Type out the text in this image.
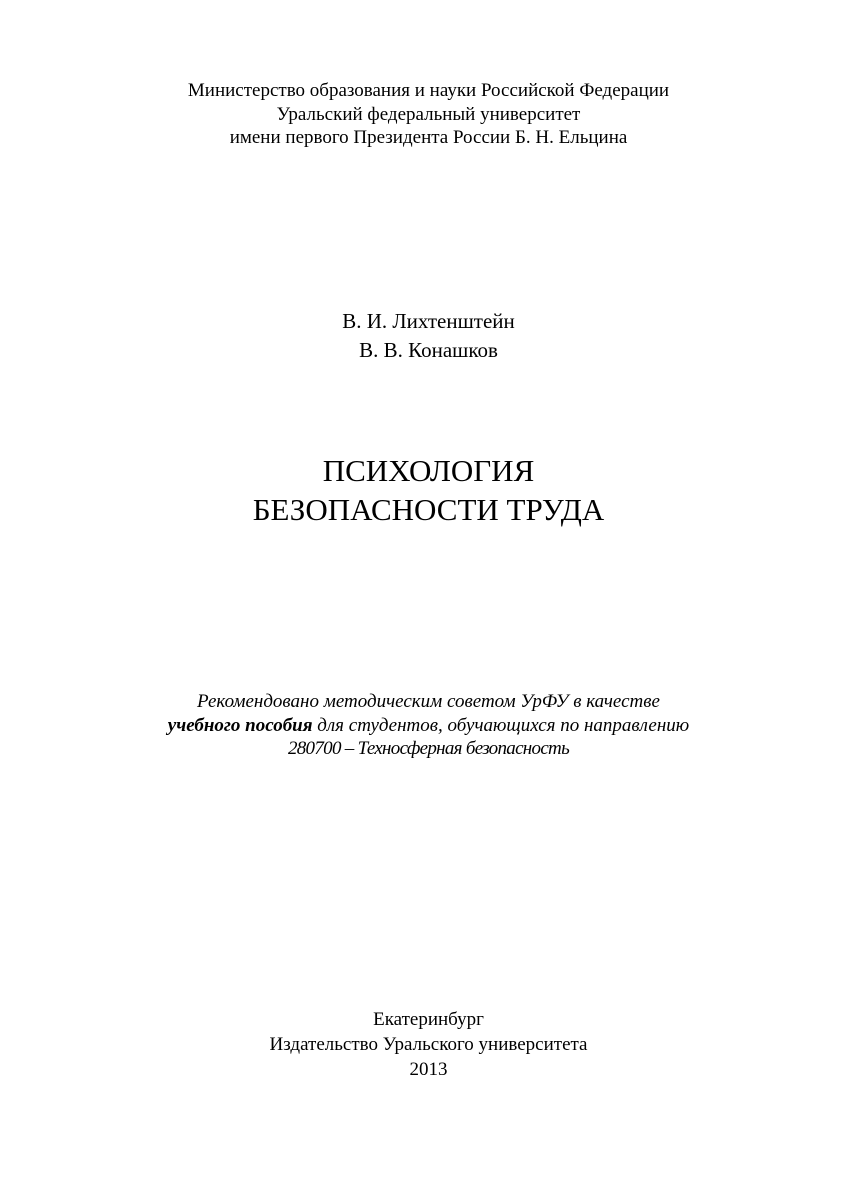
Министерство образования и науки Российской Федерации
Уральский федеральный университет
имени первого Президента России Б. Н. Ельцина
В. И. Лихтенштейн
В. В. Конашков
ПСИХОЛОГИЯ
БЕЗОПАСНОСТИ ТРУДА
Рекомендовано методическим советом УрФУ в качестве
учебного пособия для студентов, обучающихся по направлению
280700 – Техносферная безопасность
Екатеринбург
Издательство Уральского университета
2013
